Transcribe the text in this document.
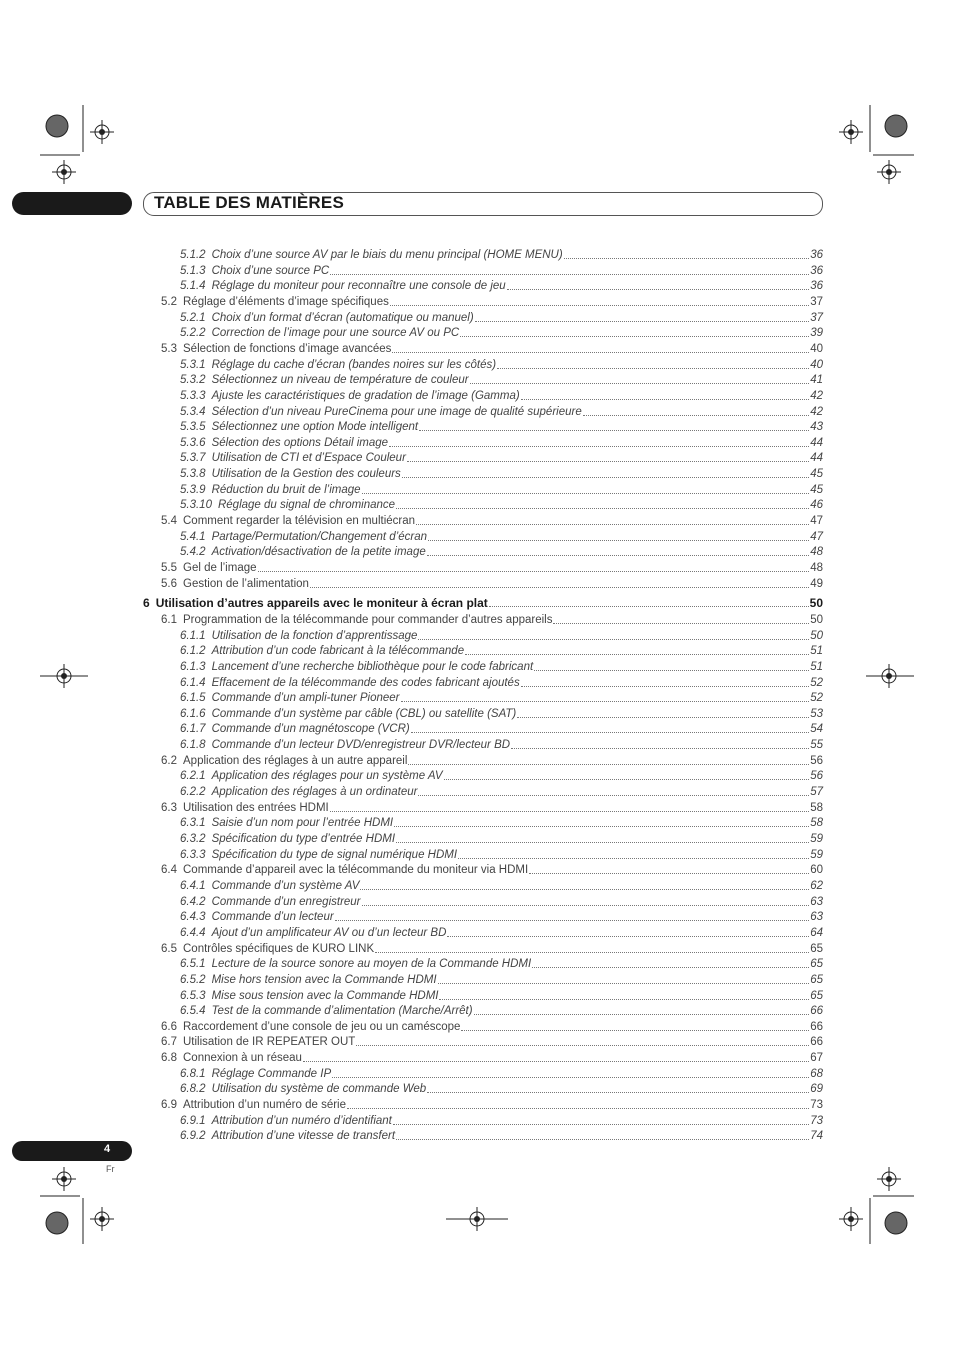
TABLE DES MATIÈRES
5.1.2 Choix d’une source AV par le biais du menu principal (HOME MENU)	36
5.1.3 Choix d’une source PC	36
5.1.4 Réglage du moniteur pour reconnaître une console de jeu	36
5.2 Réglage d’éléments d’image spécifiques	37
5.2.1 Choix d’un format d’écran (automatique ou manuel)	37
5.2.2 Correction de l’image pour une source AV ou PC	39
5.3 Sélection de fonctions d’image avancées	40
5.3.1 Réglage du cache d’écran (bandes noires sur les côtés)	40
5.3.2 Sélectionnez un niveau de température de couleur	41
5.3.3 Ajuste les caractéristiques de gradation de l’image (Gamma)	42
5.3.4 Sélection d’un niveau PureCinema pour une image de qualité supérieure	42
5.3.5 Sélectionnez une option Mode intelligent	43
5.3.6 Sélection des options Détail image	44
5.3.7 Utilisation de CTI et d’Espace Couleur	44
5.3.8 Utilisation de la Gestion des couleurs	45
5.3.9 Réduction du bruit de l’image	45
5.3.10 Réglage du signal de chrominance	46
5.4 Comment regarder la télévision en multiécran	47
5.4.1 Partage/Permutation/Changement d’écran	47
5.4.2 Activation/désactivation de la petite image	48
5.5 Gel de l’image	48
5.6 Gestion de l’alimentation	49
6 Utilisation d’autres appareils avec le moniteur à écran plat	50
6.1 Programmation de la télécommande pour commander d’autres appareils	50
6.1.1 Utilisation de la fonction d’apprentissage	50
6.1.2 Attribution d’un code fabricant à la télécommande	51
6.1.3 Lancement d’une recherche bibliothèque pour le code fabricant	51
6.1.4 Effacement de la télécommande des codes fabricant ajoutés	52
6.1.5 Commande d’un ampli-tuner Pioneer	52
6.1.6 Commande d’un système par câble (CBL) ou satellite (SAT)	53
6.1.7 Commande d’un magnétoscope (VCR)	54
6.1.8 Commande d’un lecteur DVD/enregistreur DVR/lecteur BD	55
6.2 Application des réglages à un autre appareil	56
6.2.1 Application des réglages pour un système AV	56
6.2.2 Application des réglages à un ordinateur	57
6.3 Utilisation des entrées HDMI	58
6.3.1 Saisie d’un nom pour l’entrée HDMI	58
6.3.2 Spécification du type d’entrée HDMI	59
6.3.3 Spécification du type de signal numérique HDMI	59
6.4 Commande d’appareil avec la télécommande du moniteur via HDMI	60
6.4.1 Commande d’un système AV	62
6.4.2 Commande d’un enregistreur	63
6.4.3 Commande d’un lecteur	63
6.4.4 Ajout d’un amplificateur AV ou d’un lecteur BD	64
6.5 Contrôles spécifiques de KURO LINK	65
6.5.1 Lecture de la source sonore au moyen de la Commande HDMI	65
6.5.2 Mise hors tension avec la Commande HDMI	65
6.5.3 Mise sous tension avec la Commande HDMI	65
6.5.4 Test de la commande d’alimentation (Marche/Arrêt)	66
6.6 Raccordement d’une console de jeu ou un caméscope	66
6.7 Utilisation de IR REPEATER OUT	66
6.8 Connexion à un réseau	67
6.8.1 Réglage Commande IP	68
6.8.2 Utilisation du système de commande Web	69
6.9 Attribution d’un numéro de série	73
6.9.1 Attribution d’un numéro d’identifiant	73
6.9.2 Attribution d’une vitesse de transfert	74
4
Fr
